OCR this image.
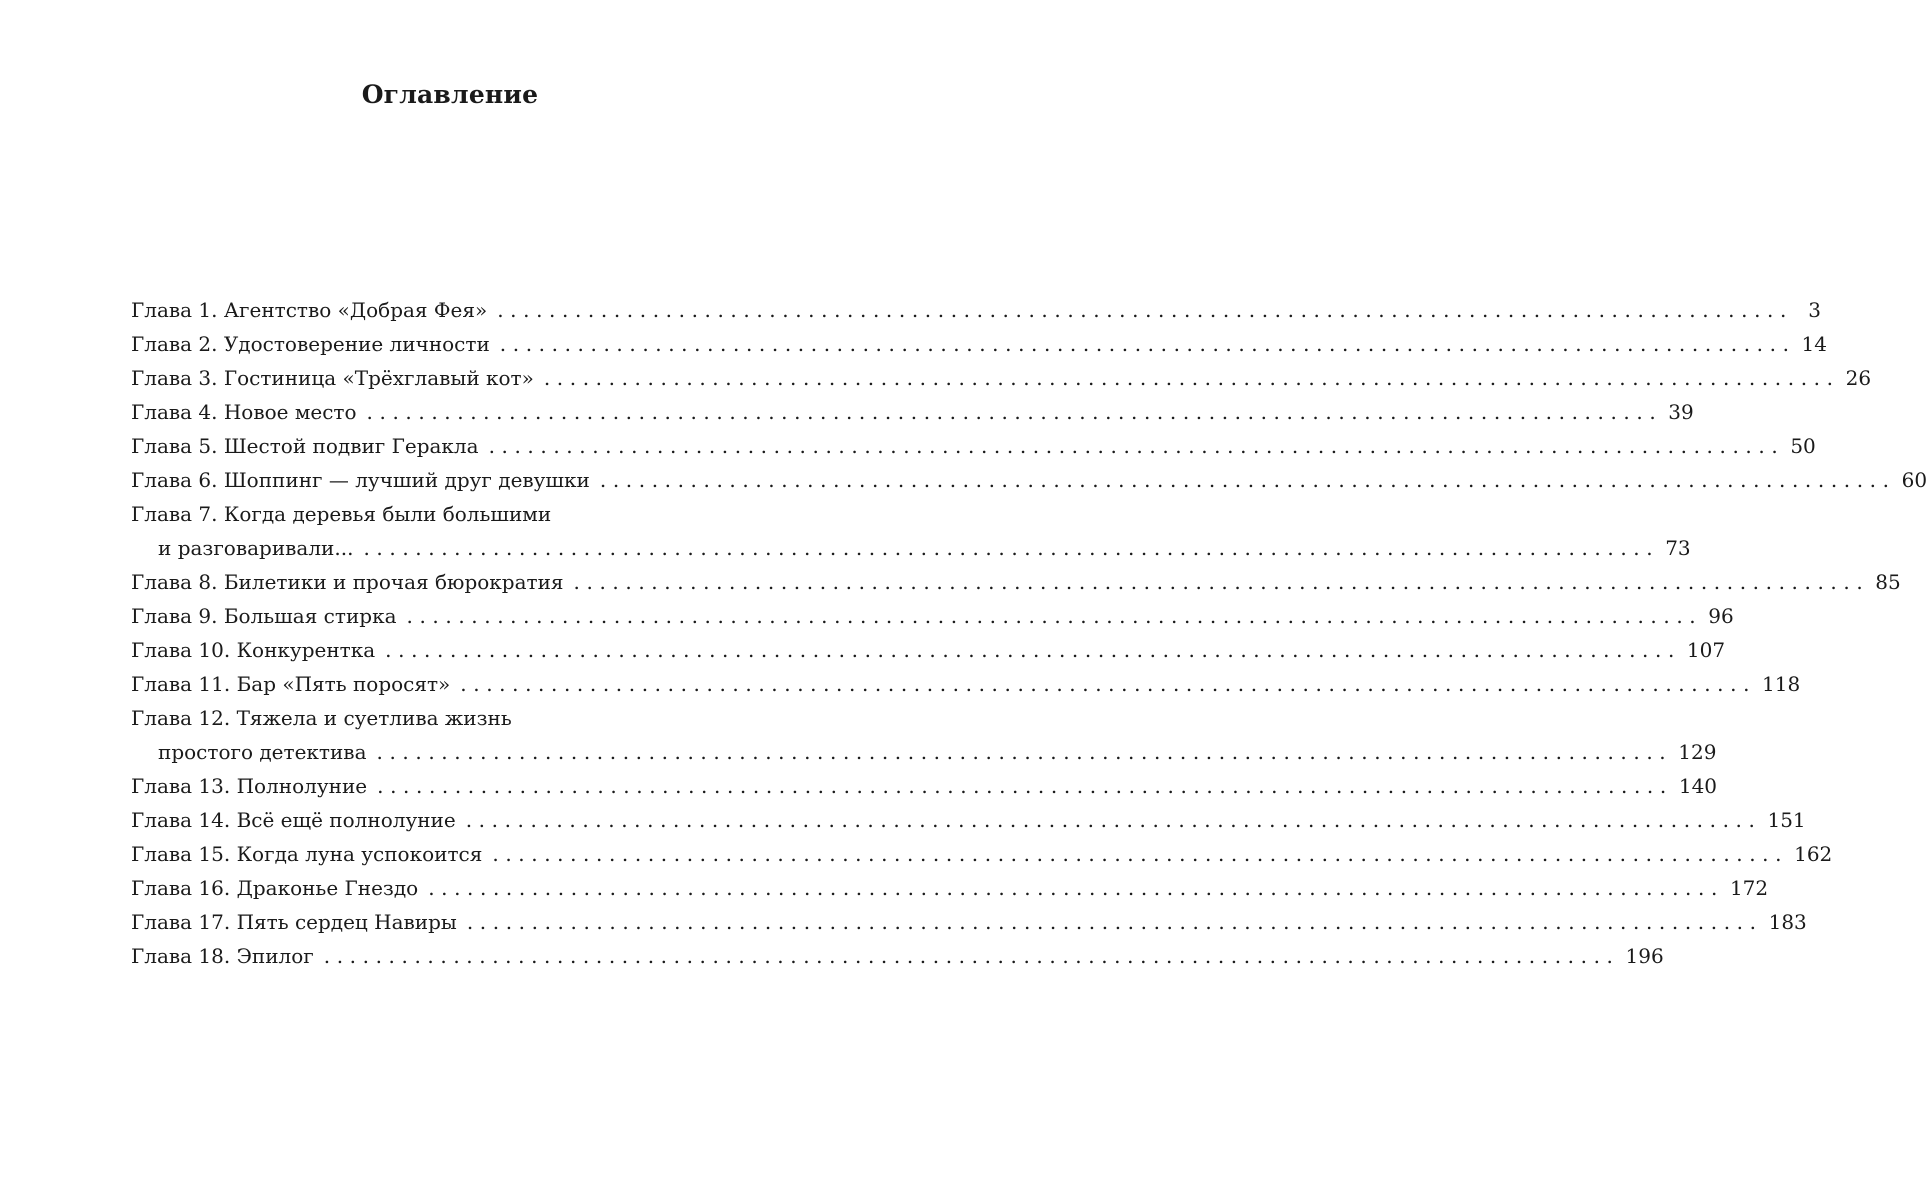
Оглавление
Глава 1. Агентство «Добрая Фея» .................................................................................................... 3
Глава 2. Удостоверение личности .................................................................................................... 14
Глава 3. Гостиница «Трёхглавый кот» .................................................................................................... 26
Глава 4. Новое место .................................................................................................... 39
Глава 5. Шестой подвиг Геракла .................................................................................................... 50
Глава 6. Шоппинг — лучший друг девушки .................................................................................................... 60
Глава 7. Когда деревья были большими
и разговаривали... .................................................................................................... 73
Глава 8. Билетики и прочая бюрократия .................................................................................................... 85
Глава 9. Большая стирка .................................................................................................... 96
Глава 10. Конкурентка .................................................................................................... 107
Глава 11. Бар «Пять поросят» .................................................................................................... 118
Глава 12. Тяжела и суетлива жизнь
простого детектива .................................................................................................... 129
Глава 13. Полнолуние .................................................................................................... 140
Глава 14. Всё ещё полнолуние .................................................................................................... 151
Глава 15. Когда луна успокоится .................................................................................................... 162
Глава 16. Драконье Гнездо .................................................................................................... 172
Глава 17. Пять сердец Навиры .................................................................................................... 183
Глава 18. Эпилог .................................................................................................... 196
